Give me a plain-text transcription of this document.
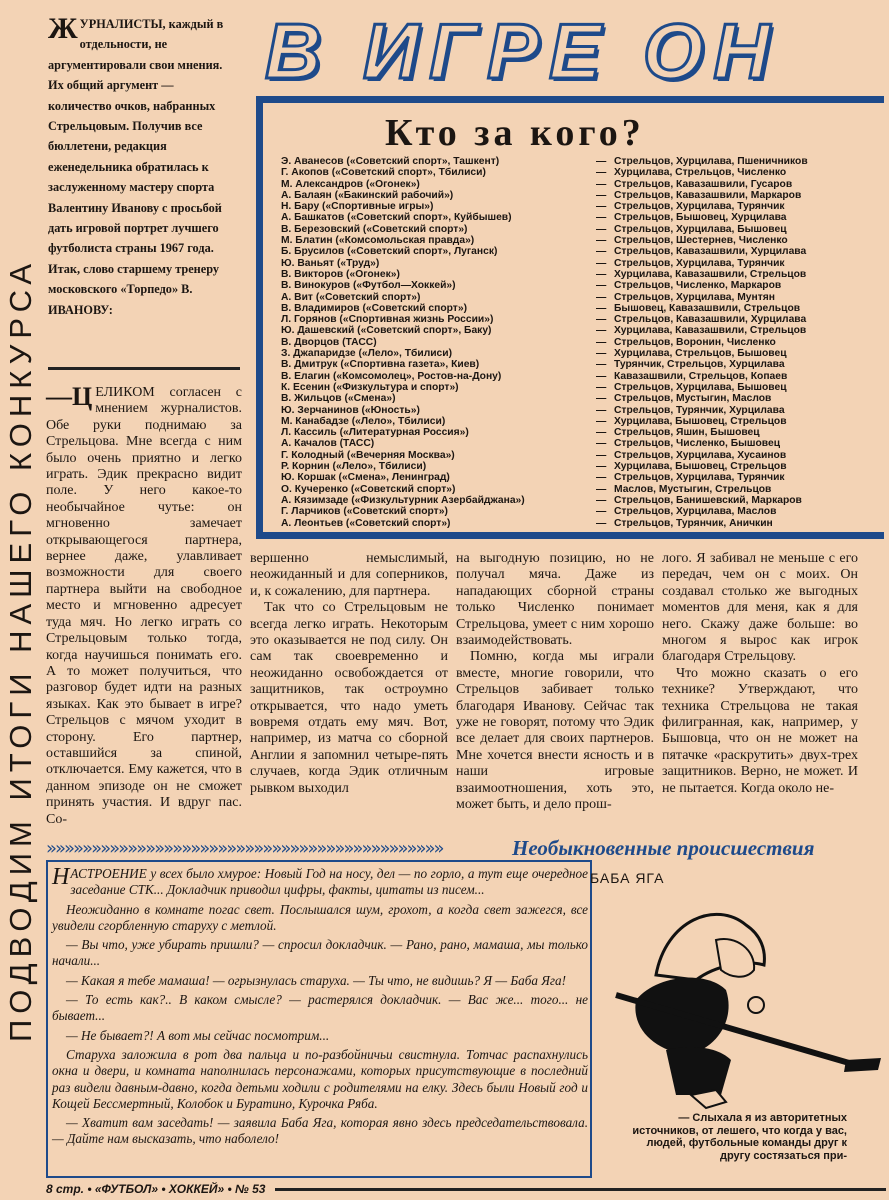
ПОДВОДИМ ИТОГИ НАШЕГО КОНКУРСА
Ж УРНАЛИСТЫ, каждый в отдельности, не аргументировали свои мнения. Их общий аргумент — количество очков, набранных Стрельцовым. Получив все бюллетени, редакция еженедельника обратилась к заслуженному мастеру спорта Валентину Иванову с просьбой дать игровой портрет лучшего футболиста страны 1967 года. Итак, слово старшему тренеру московского «Торпедо» В. ИВАНОВУ:
В ИГРЕ ОН
Кто за кого?
Э. Аванесов («Советский спорт», Ташкент)	— Стрельцов, Хурцилава, Пшеничников
Г. Акопов («Советский спорт», Тбилиси)	— Хурцилава, Стрельцов, Численко
М. Александров («Огонек»)	— Стрельцов, Кавазашвили, Гусаров
А. Балаян («Бакинский рабочий»)	— Стрельцов, Кавазашвили, Маркаров
Н. Бару («Спортивные игры»)	— Стрельцов, Хурцилава, Турянчик
А. Башкатов («Советский спорт», Куйбышев)	— Стрельцов, Бышовец, Хурцилава
В. Березовский («Советский спорт»)	— Стрельцов, Хурцилава, Бышовец
М. Блатин («Комсомольская правда»)	— Стрельцов, Шестернев, Численко
Б. Брусилов («Советский спорт», Луганск)	— Стрельцов, Кавазашвили, Хурцилава
Ю. Ваньят («Труд»)	— Стрельцов, Хурцилава, Турянчик
В. Викторов («Огонек»)	— Хурцилава, Кавазашвили, Стрельцов
В. Винокуров («Футбол—Хоккей»)	— Стрельцов, Численко, Маркаров
А. Вит («Советский спорт»)	— Стрельцов, Хурцилава, Мунтян
В. Владимиров («Советский спорт»)	— Бышовец, Кавазашвили, Стрельцов
Л. Горянов («Спортивная жизнь России»)	— Стрельцов, Кавазашвили, Хурцилава
Ю. Дашевский («Советский спорт», Баку)	— Хурцилава, Кавазашвили, Стрельцов
В. Дворцов (ТАСС)	— Стрельцов, Воронин, Численко
З. Джапаридзе («Лело», Тбилиси)	— Хурцилава, Стрельцов, Бышовец
В. Дмитрук («Спортивна газета», Киев)	— Турянчик, Стрельцов, Хурцилава
В. Елагин («Комсомолец», Ростов-на-Дону)	— Кавазашвили, Стрельцов, Копаев
К. Есенин («Физкультура и спорт»)	— Стрельцов, Хурцилава, Бышовец
В. Жильцов («Смена»)	— Стрельцов, Мустыгин, Маслов
Ю. Зерчанинов («Юность»)	— Стрельцов, Турянчик, Хурцилава
М. Канабадзе («Лело», Тбилиси)	— Хурцилава, Бышовец, Стрельцов
Л. Кассиль («Литературная Россия»)	— Стрельцов, Яшин, Бышовец
А. Качалов (ТАСС)	— Стрельцов, Численко, Бышовец
Г. Колодный («Вечерняя Москва»)	— Стрельцов, Хурцилава, Хусаинов
Р. Корнин («Лело», Тбилиси)	— Хурцилава, Бышовец, Стрельцов
Ю. Коршак («Смена», Ленинград)	— Стрельцов, Хурцилава, Турянчик
О. Кучеренко («Советский спорт»)	— Маслов, Мустыгин, Стрельцов
А. Кязимзаде («Физкультурник Азербайджана»)	— Стрельцов, Банишевский, Маркаров
Г. Ларчиков («Советский спорт»)	— Стрельцов, Хурцилава, Маслов
А. Леонтьев («Советский спорт»)	— Стрельцов, Турянчик, Аничкин

—Ц ЕЛИКОМ согласен с мнением журналистов. Обе руки поднимаю за Стрельцова. Мне всегда с ним было очень приятно и легко играть. Эдик прекрасно видит поле. У него какое-то необычайное чутье: он мгновенно замечает открывающегося партнера, вернее даже, улавливает возможности для своего партнера выйти на свободное место и мгновенно адресует туда мяч. Но легко играть со Стрельцовым только тогда, когда научишься понимать его. А то может получиться, что разговор будет идти на разных языках. Как это бывает в игре? Стрельцов с мячом уходит в сторону. Его партнер, оставшийся за спиной, отключается. Ему кажется, что в данном эпизоде он не сможет принять участия. И вдруг пас. Со-

вершенно немыслимый, неожиданный и для соперников, и, к сожалению, для партнера.

Так что со Стрельцовым не всегда легко играть. Некоторым это оказывается не под силу. Он сам так своевременно и неожиданно освобождается от защитников, так остроумно открывается, что надо уметь вовремя отдать ему мяч. Вот, например, из матча со сборной Англии я запомнил четыре-пять случаев, когда Эдик отличным рывком выходил

на выгодную позицию, но не получал мяча. Даже из нападающих сборной страны только Численко понимает Стрельцова, умеет с ним хорошо взаимодействовать.

Помню, когда мы играли вместе, многие говорили, что Стрельцов забивает только благодаря Иванову. Сейчас так уже не говорят, потому что Эдик все делает для своих партнеров. Мне хочется внести ясность и в наши игровые взаимоотношения, хоть это, может быть, и дело прош-

лого. Я забивал не меньше с его передач, чем он с моих. Он создавал столько же выгодных моментов для меня, как я для него. Скажу даже больше: во многом я вырос как игрок благодаря Стрельцову.

Что можно сказать о его технике? Утверждают, что техника Стрельцова не такая филигранная, как, например, у Бышовца, что он не может на пятачке «раскрутить» двух-трех защитников. Верно, не может. И не пытается. Когда около не-

»»»»»»»»»»»»»»»»»»»»»»»»»»»»»»»»»»»»»»»»»»»»	Необыкновенные происшествия

НАСТРОЕНИЕ у всех было хмурое: Новый Год на носу, дел — по горло, а тут еще очередное заседание СТК... Докладчик приводил цифры, факты, цитаты из писем...

Неожиданно в комнате погас свет. Послышался шум, грохот, а когда свет зажегся, все увидели сгорбленную старуху с метлой.

— Вы что, уже убирать пришли? — спросил докладчик. — Рано, рано, мамаша, мы только начали...

— Какая я тебе мамаша! — огрызнулась старуха. — Ты что, не видишь? Я — Баба Яга!

— То есть как?.. В каком смысле? — растерялся докладчик. — Вас же... того... не бывает...

— Не бывает?! А вот мы сейчас посмотрим...

Старуха заложила в рот два пальца и по-разбойничьи свистнула. Тотчас распахнулись окна и двери, и комната наполнилась персонажами, которых присутствующие в последний раз видели давным-давно, когда детьми ходили с родителями на елку. Здесь были Новый год и Кощей Бессмертный, Колобок и Буратино, Курочка Ряба.

— Хватит вам заседать! — заявила Баба Яга, которая явно здесь председательствовала. — Дайте нам высказать, что наболело!

БАБА ЯГА
— Слыхала я из авторитетных источников, от лешего, что когда у вас, людей, футбольные команды друг к другу состязаться при-
8 стр. • «ФУТБОЛ» • ХОККЕЙ» • № 53
